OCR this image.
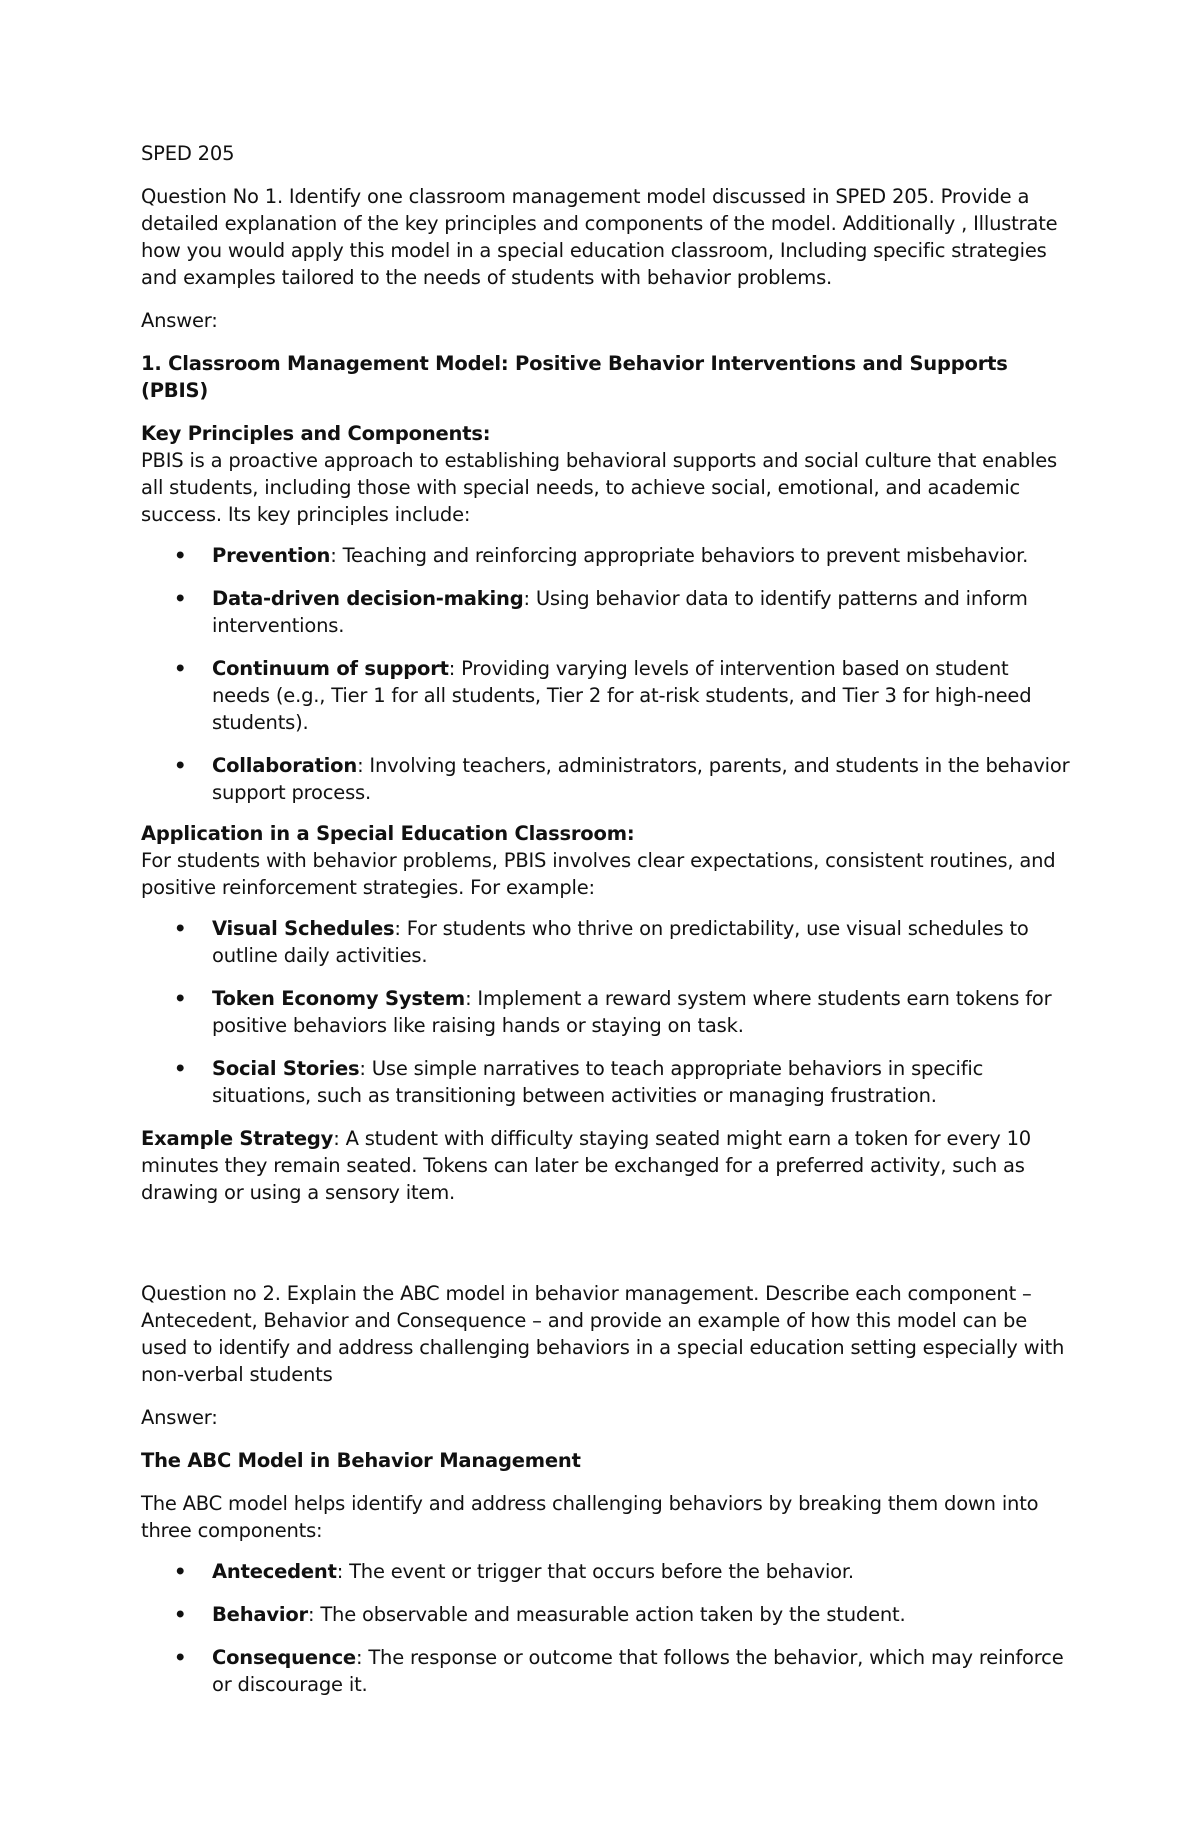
SPED 205

Question No 1. Identify one classroom management model discussed in SPED 205. Provide a detailed explanation of the key principles and components of the model. Additionally , Illustrate how you would apply this model in a special education classroom, Including specific strategies and examples tailored to the needs of students with behavior problems.

Answer:

1. Classroom Management Model: Positive Behavior Interventions and Supports (PBIS)

Key Principles and Components:

PBIS is a proactive approach to establishing behavioral supports and social culture that enables all students, including those with special needs, to achieve social, emotional, and academic success. Its key principles include:

• Prevention: Teaching and reinforcing appropriate behaviors to prevent misbehavior.
• Data-driven decision-making: Using behavior data to identify patterns and inform interventions.
• Continuum of support: Providing varying levels of intervention based on student needs (e.g., Tier 1 for all students, Tier 2 for at-risk students, and Tier 3 for high-need students).
• Collaboration: Involving teachers, administrators, parents, and students in the behavior support process.

Application in a Special Education Classroom:

For students with behavior problems, PBIS involves clear expectations, consistent routines, and positive reinforcement strategies. For example:

• Visual Schedules: For students who thrive on predictability, use visual schedules to outline daily activities.
• Token Economy System: Implement a reward system where students earn tokens for positive behaviors like raising hands or staying on task.
• Social Stories: Use simple narratives to teach appropriate behaviors in specific situations, such as transitioning between activities or managing frustration.

Example Strategy: A student with difficulty staying seated might earn a token for every 10 minutes they remain seated. Tokens can later be exchanged for a preferred activity, such as drawing or using a sensory item.

Question no 2. Explain the ABC model in behavior management. Describe each component – Antecedent, Behavior and Consequence – and provide an example of how this model can be used to identify and address challenging behaviors in a special education setting especially with non-verbal students

Answer:

The ABC Model in Behavior Management

The ABC model helps identify and address challenging behaviors by breaking them down into three components:

• Antecedent: The event or trigger that occurs before the behavior.
• Behavior: The observable and measurable action taken by the student.
• Consequence: The response or outcome that follows the behavior, which may reinforce or discourage it.
